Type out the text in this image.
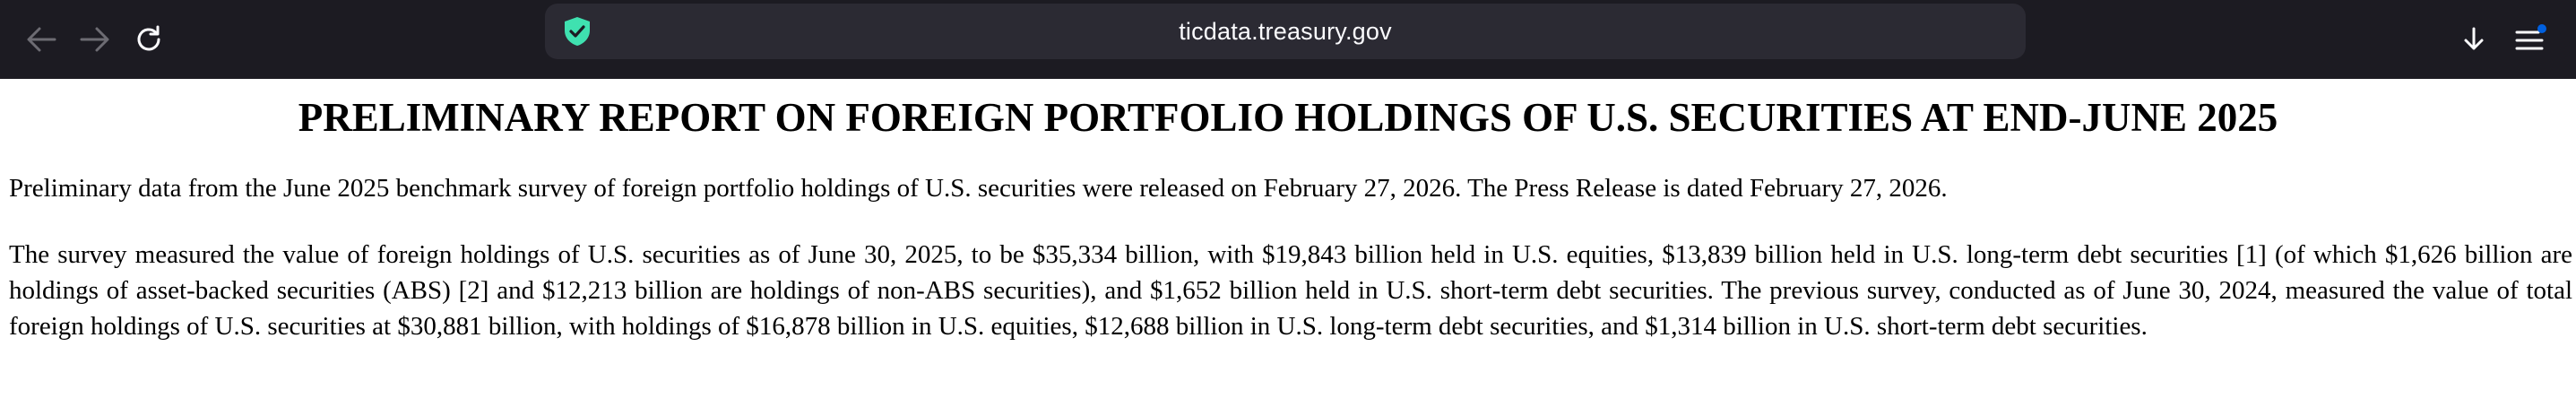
ticdata.treasury.gov
PRELIMINARY REPORT ON FOREIGN PORTFOLIO HOLDINGS OF U.S. SECURITIES AT END-JUNE 2025

Preliminary data from the June 2025 benchmark survey of foreign portfolio holdings of U.S. securities were released on February 27, 2026. The Press Release is dated February 27, 2026.

The survey measured the value of foreign holdings of U.S. securities as of June 30, 2025, to be $35,334 billion, with $19,843 billion held in U.S. equities, $13,839 billion held in U.S. long-term debt securities [1] (of which $1,626 billion are holdings of asset-backed securities (ABS) [2] and $12,213 billion are holdings of non-ABS securities), and $1,652 billion held in U.S. short-term debt securities. The previous survey, conducted as of June 30, 2024, measured the value of total foreign holdings of U.S. securities at $30,881 billion, with holdings of $16,878 billion in U.S. equities, $12,688 billion in U.S. long-term debt securities, and $1,314 billion in U.S. short-term debt securities.
